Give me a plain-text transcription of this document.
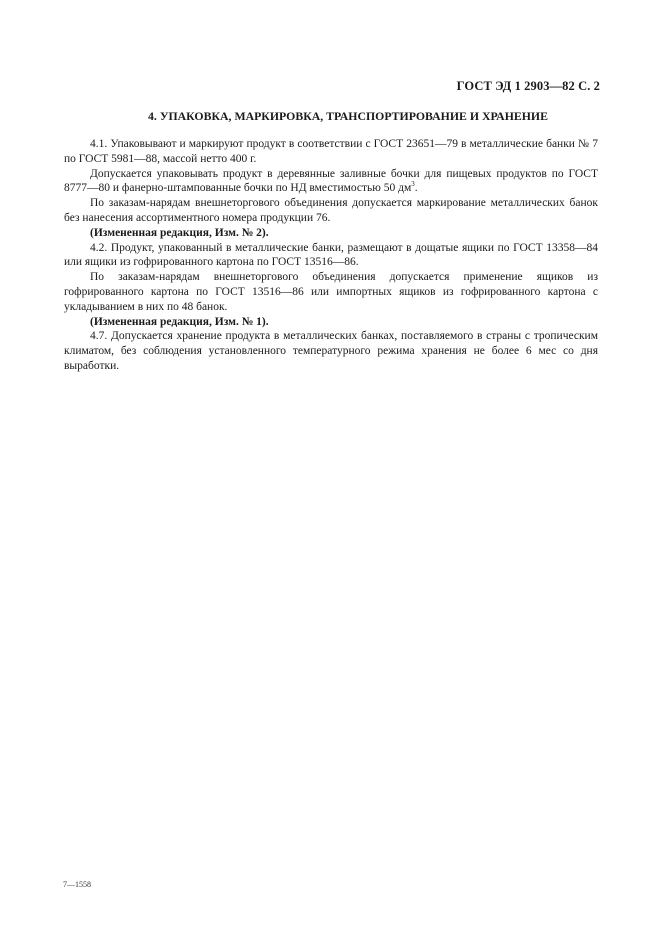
ГОСТ ЭД 1 2903—82 С. 2
4. УПАКОВКА, МАРКИРОВКА, ТРАНСПОРТИРОВАНИЕ И ХРАНЕНИЕ

4.1. Упаковывают и маркируют продукт в соответствии с ГОСТ 23651—79 в металлические банки № 7 по ГОСТ 5981—88, массой нетто 400 г.

Допускается упаковывать продукт в деревянные заливные бочки для пищевых продуктов по ГОСТ 8777—80 и фанерно-штампованные бочки по НД вместимостью 50 $дм^3$.

По заказам-нарядам внешнеторгового объединения допускается маркирование металлических банок без нанесения ассортиментного номера продукции 76.

(Измененная редакция, Изм. № 2).

4.2. Продукт, упакованный в металлические банки, размещают в дощатые ящики по ГОСТ 13358—84 или ящики из гофрированного картона по ГОСТ 13516—86.

По заказам-нарядам внешнеторгового объединения допускается применение ящиков из гофрированного картона по ГОСТ 13516—86 или импортных ящиков из гофрированного картона с укладыванием в них по 48 банок.

(Измененная редакция, Изм. № 1).

4.7. Допускается хранение продукта в металлических банках, поставляемого в страны с тропическим климатом, без соблюдения установленного температурного режима хранения не более 6 мес со дня выработки.

7—1558
